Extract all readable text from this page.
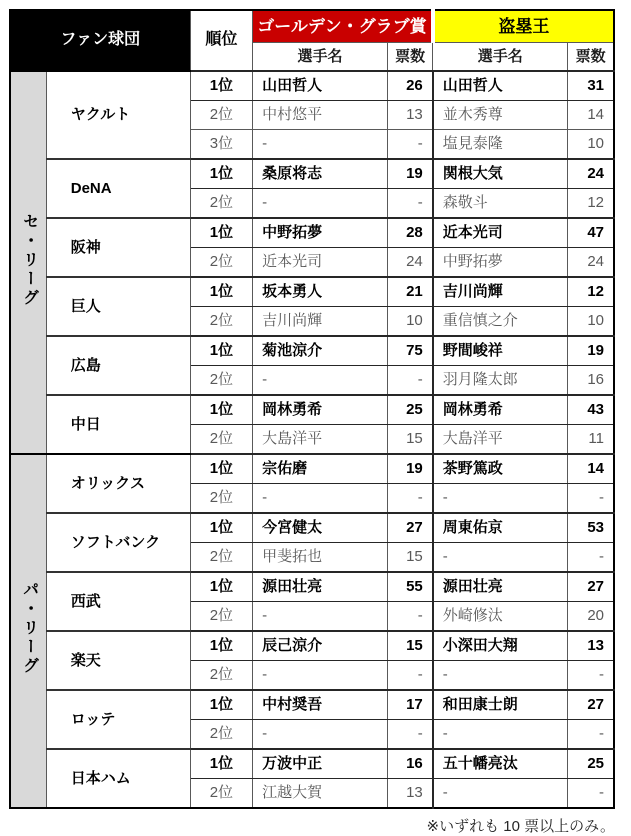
ファン球団		順位	ゴールデン・グラブ賞		盗塁王	
			選手名	票数	選手名	票数
セ・リーグ	ヤクルト	1位	山田哲人	26	山田哲人	31
		2位	中村悠平	13	並木秀尊	14
		3位	-	-	塩見泰隆	10
	DeNA	1位	桑原将志	19	関根大気	24
		2位	-	-	森敬斗	12
	阪神	1位	中野拓夢	28	近本光司	47
		2位	近本光司	24	中野拓夢	24
	巨人	1位	坂本勇人	21	吉川尚輝	12
		2位	吉川尚輝	10	重信慎之介	10
	広島	1位	菊池涼介	75	野間峻祥	19
		2位	-	-	羽月隆太郎	16
	中日	1位	岡林勇希	25	岡林勇希	43
		2位	大島洋平	15	大島洋平	11
パ・リーグ	オリックス	1位	宗佑磨	19	茶野篤政	14
		2位	-	-	-	-
	ソフトバンク	1位	今宮健太	27	周東佑京	53
		2位	甲斐拓也	15	-	-
	西武	1位	源田壮亮	55	源田壮亮	27
		2位	-	-	外崎修汰	20
	楽天	1位	辰己涼介	15	小深田大翔	13
		2位	-	-	-	-
	ロッテ	1位	中村奨吾	17	和田康士朗	27
		2位	-	-	-	-
	日本ハム	1位	万波中正	16	五十幡亮汰	25
		2位	江越大賀	13	-	-
※いずれも 10 票以上のみ。
